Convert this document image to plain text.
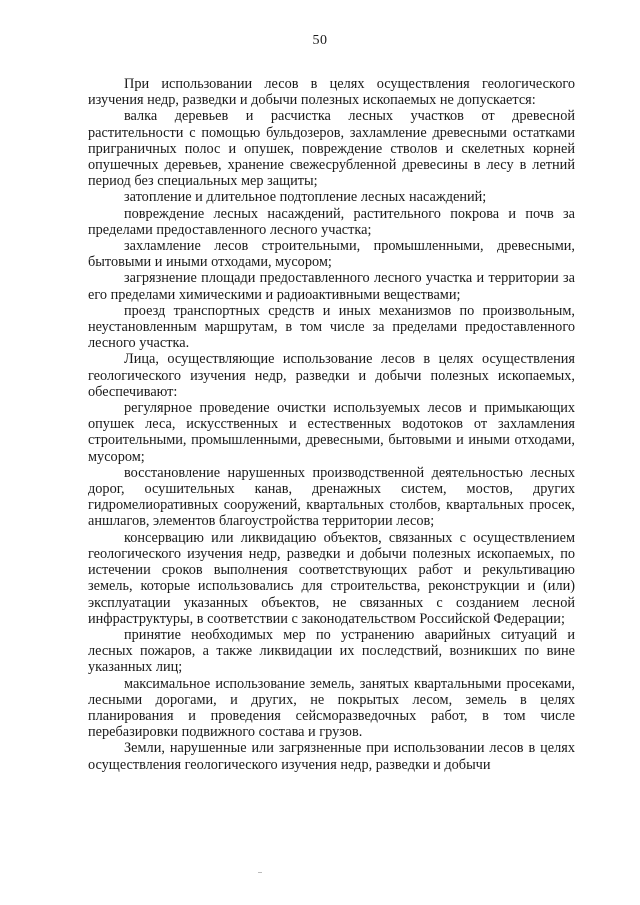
50

При использовании лесов в целях осуществления геологического изучения недр, разведки и добычи полезных ископаемых не допускается:

валка деревьев и расчистка лесных участков от древесной растительности с помощью бульдозеров, захламление древесными остатками приграничных полос и опушек, повреждение стволов и скелетных корней опушечных деревьев, хранение свежесрубленной древесины в лесу в летний период без специальных мер защиты;

затопление и длительное подтопление лесных насаждений;

повреждение лесных насаждений, растительного покрова и почв за пределами предоставленного лесного участка;

захламление лесов строительными, промышленными, древесными, бытовыми и иными отходами, мусором;

загрязнение площади предоставленного лесного участка и территории за его пределами химическими и радиоактивными веществами;

проезд транспортных средств и иных механизмов по произвольным, неустановленным маршрутам, в том числе за пределами предоставленного лесного участка.

Лица, осуществляющие использование лесов в целях осуществления геологического изучения недр, разведки и добычи полезных ископаемых, обеспечивают:

регулярное проведение очистки используемых лесов и примыкающих опушек леса, искусственных и естественных водотоков от захламления строительными, промышленными, древесными, бытовыми и иными отходами, мусором;

восстановление нарушенных производственной деятельностью лесных дорог, осушительных канав, дренажных систем, мостов, других гидромелиоративных сооружений, квартальных столбов, квартальных просек, аншлагов, элементов благоустройства территории лесов;

консервацию или ликвидацию объектов, связанных с осуществлением геологического изучения недр, разведки и добычи полезных ископаемых, по истечении сроков выполнения соответствующих работ и рекультивацию земель, которые использовались для строительства, реконструкции и (или) эксплуатации указанных объектов, не связанных с созданием лесной инфраструктуры, в соответствии с законодательством Российской Федерации;

принятие необходимых мер по устранению аварийных ситуаций и лесных пожаров, а также ликвидации их последствий, возникших по вине указанных лиц;

максимальное использование земель, занятых квартальными просеками, лесными дорогами, и других, не покрытых лесом, земель в целях планирования и проведения сейсморазведочных работ, в том числе перебазировки подвижного состава и грузов.

Земли, нарушенные или загрязненные при использовании лесов в целях осуществления геологического изучения недр, разведки и добычи
